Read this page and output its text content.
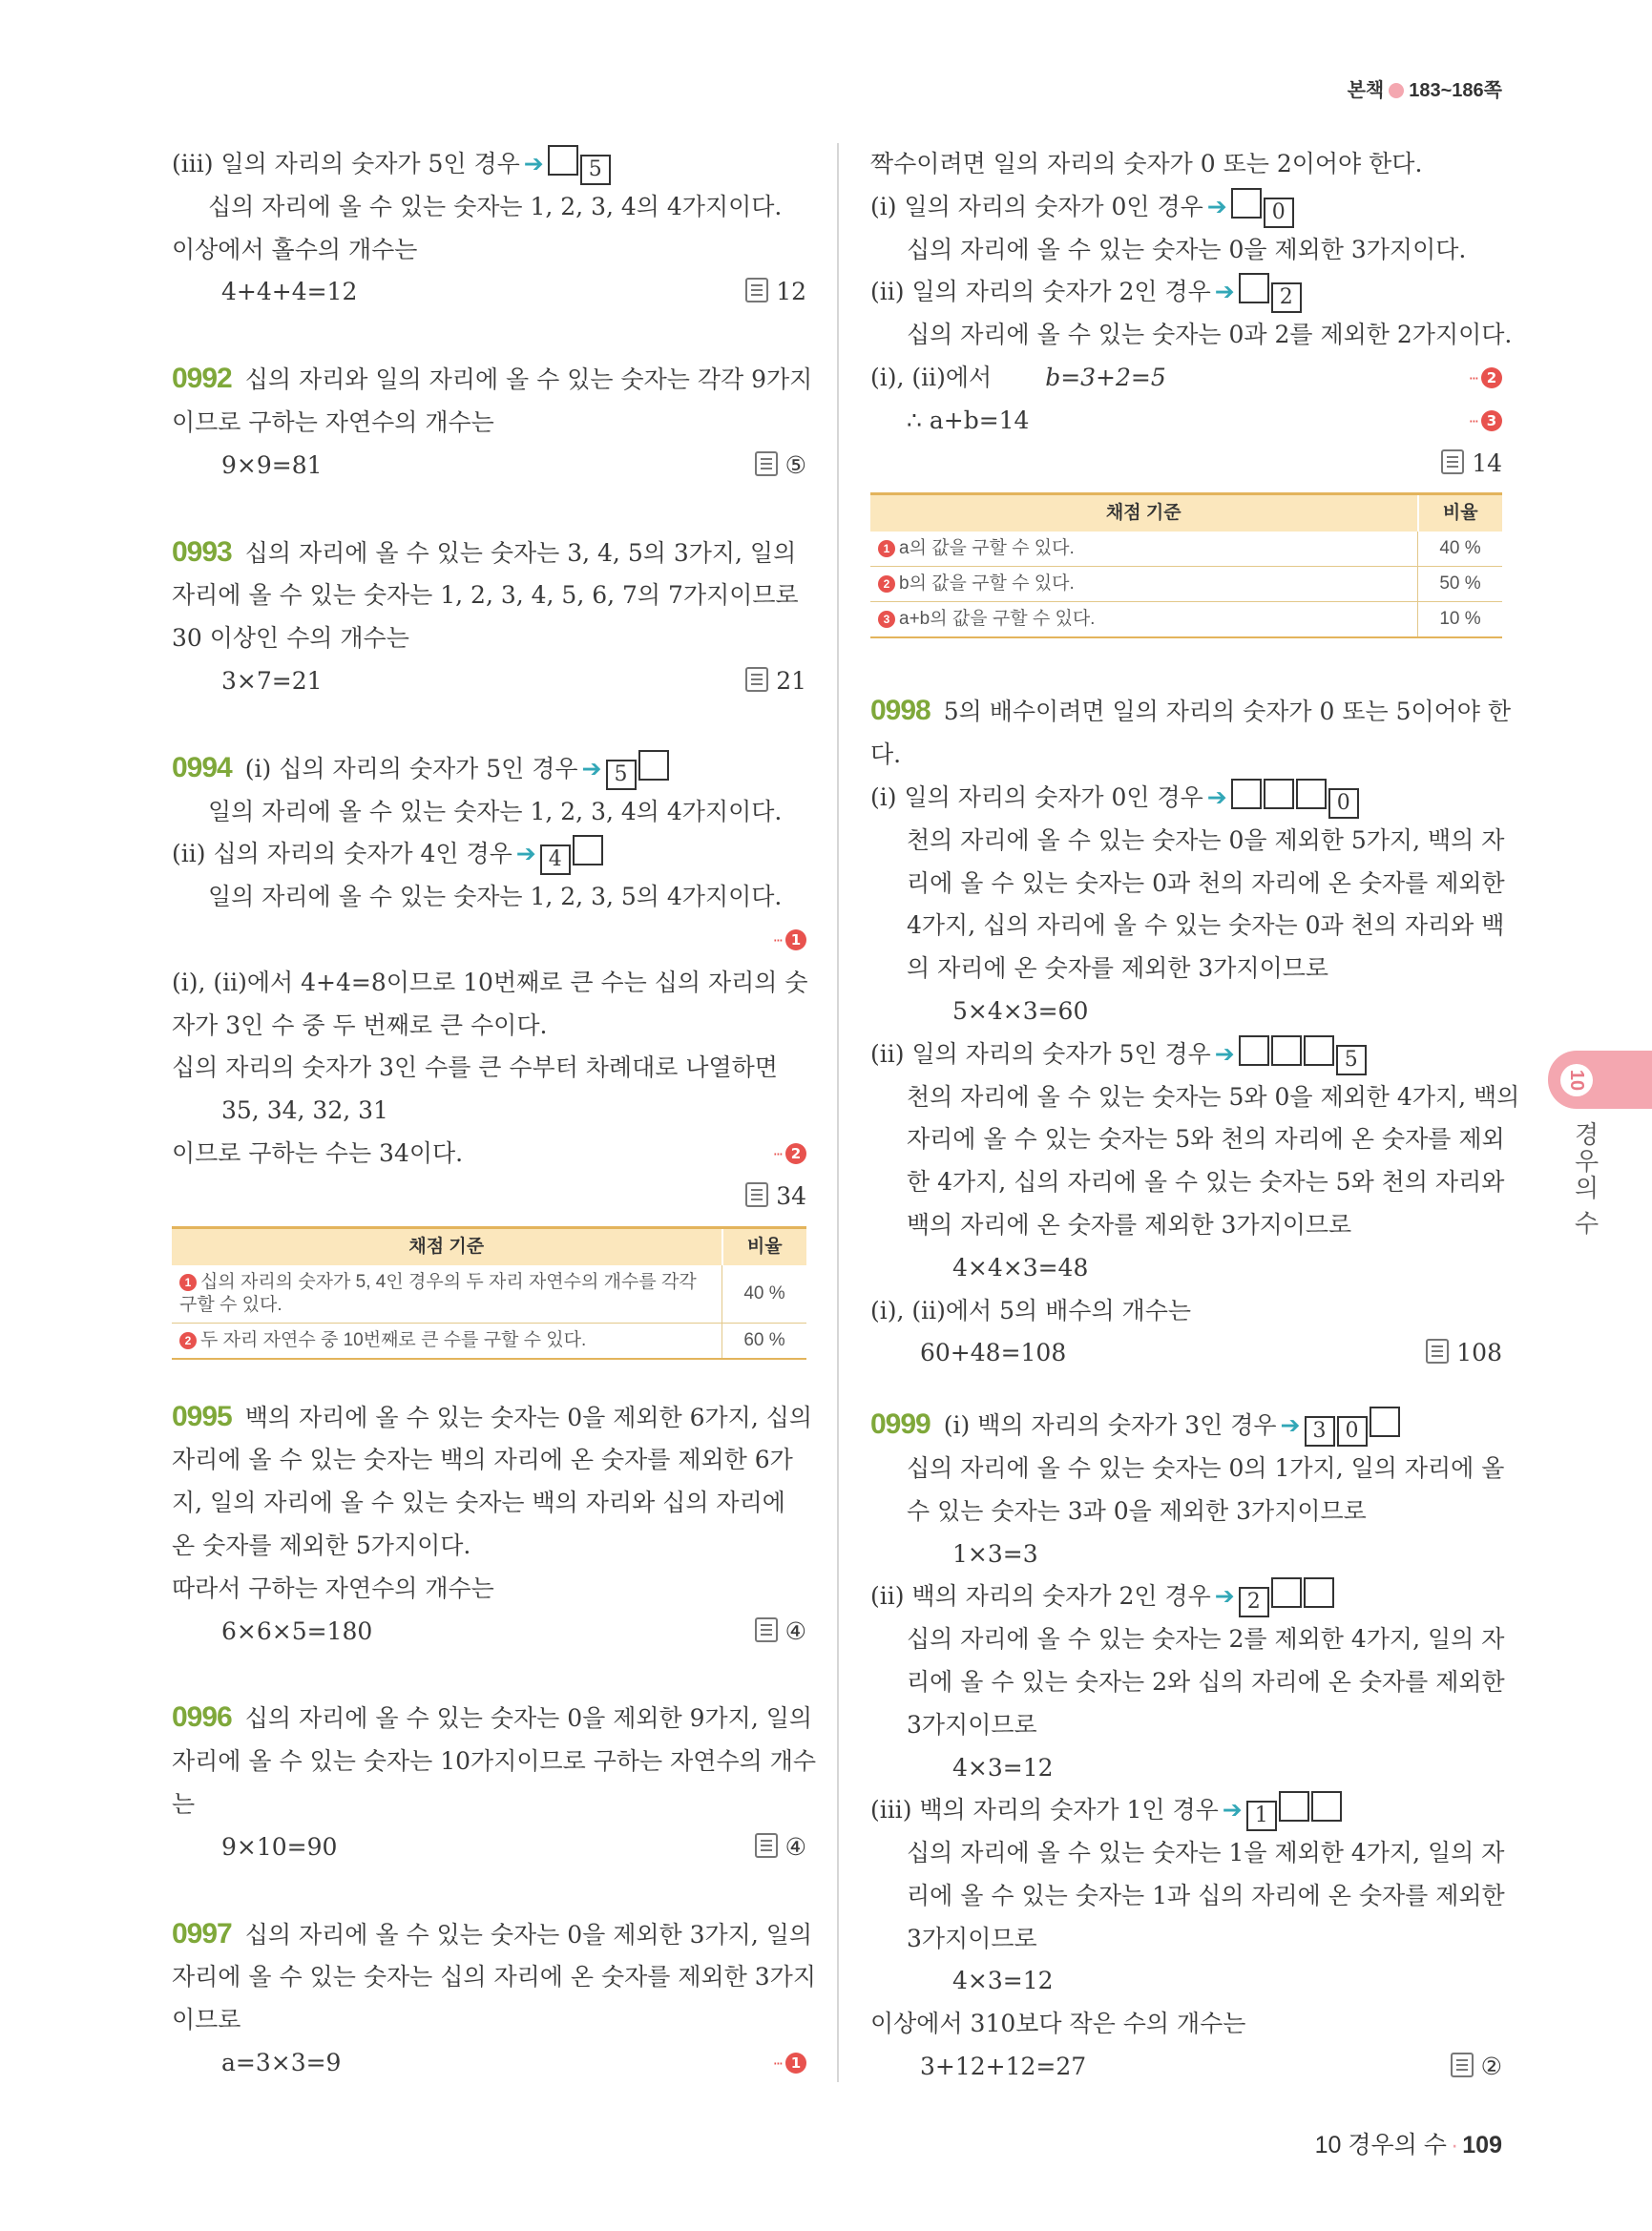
본책 183~186쪽
(ⅲ) 일의 자리의 숫자가 5인 경우 ➔ 5
십의 자리에 올 수 있는 숫자는 1, 2, 3, 4의 4가지이다.
이상에서 홀수의 개수는
4+4+4=12	12
0992 십의 자리와 일의 자리에 올 수 있는 숫자는 각각 9가지
이므로 구하는 자연수의 개수는
9×9=81	⑤
0993 십의 자리에 올 수 있는 숫자는 3, 4, 5의 3가지, 일의
자리에 올 수 있는 숫자는 1, 2, 3, 4, 5, 6, 7의 7가지이므로
30 이상인 수의 개수는
3×7=21	21
0994 (ⅰ) 십의 자리의 숫자가 5인 경우 ➔ 5
일의 자리에 올 수 있는 숫자는 1, 2, 3, 4의 4가지이다.
(ⅱ) 십의 자리의 숫자가 4인 경우 ➔ 4
일의 자리에 올 수 있는 숫자는 1, 2, 3, 5의 4가지이다.
··· 1
(ⅰ), (ⅱ)에서 4+4=8이므로 10번째로 큰 수는 십의 자리의 숫
자가 3인 수 중 두 번째로 큰 수이다.
십의 자리의 숫자가 3인 수를 큰 수부터 차례대로 나열하면
35, 34, 32, 31
이므로 구하는 수는 34이다.	··· 2
34
채점 기준	비율
1 십의 자리의 숫자가 5, 4인 경우의 두 자리 자연수의 개수를 각각 구할 수 있다.	40 %
2 두 자리 자연수 중 10번째로 큰 수를 구할 수 있다.	60 %
0995 백의 자리에 올 수 있는 숫자는 0을 제외한 6가지, 십의
자리에 올 수 있는 숫자는 백의 자리에 온 숫자를 제외한 6가
지, 일의 자리에 올 수 있는 숫자는 백의 자리와 십의 자리에
온 숫자를 제외한 5가지이다.
따라서 구하는 자연수의 개수는
6×6×5=180	④
0996 십의 자리에 올 수 있는 숫자는 0을 제외한 9가지, 일의
자리에 올 수 있는 숫자는 10가지이므로 구하는 자연수의 개수
는
9×10=90	④
0997 십의 자리에 올 수 있는 숫자는 0을 제외한 3가지, 일의
자리에 올 수 있는 숫자는 십의 자리에 온 숫자를 제외한 3가지
이므로
a=3×3=9	··· 1
짝수이려면 일의 자리의 숫자가 0 또는 2이어야 한다.
(ⅰ) 일의 자리의 숫자가 0인 경우 ➔ 0
십의 자리에 올 수 있는 숫자는 0을 제외한 3가지이다.
(ⅱ) 일의 자리의 숫자가 2인 경우 ➔ 2
십의 자리에 올 수 있는 숫자는 0과 2를 제외한 2가지이다.
(ⅰ), (ⅱ)에서 b=3+2=5	··· 2
∴ a+b=14	··· 3
14
채점 기준	비율
1 a의 값을 구할 수 있다.	40 %
2 b의 값을 구할 수 있다.	50 %
3 a+b의 값을 구할 수 있다.	10 %
0998 5의 배수이려면 일의 자리의 숫자가 0 또는 5이어야 한
다.
(ⅰ) 일의 자리의 숫자가 0인 경우 ➔	0
천의 자리에 올 수 있는 숫자는 0을 제외한 5가지, 백의 자
리에 올 수 있는 숫자는 0과 천의 자리에 온 숫자를 제외한
4가지, 십의 자리에 올 수 있는 숫자는 0과 천의 자리와 백
의 자리에 온 숫자를 제외한 3가지이므로
5×4×3=60
(ⅱ) 일의 자리의 숫자가 5인 경우 ➔	5
천의 자리에 올 수 있는 숫자는 5와 0을 제외한 4가지, 백의
자리에 올 수 있는 숫자는 5와 천의 자리에 온 숫자를 제외
한 4가지, 십의 자리에 올 수 있는 숫자는 5와 천의 자리와
백의 자리에 온 숫자를 제외한 3가지이므로
4×4×3=48
(ⅰ), (ⅱ)에서 5의 배수의 개수는
60+48=108	108
0999 (ⅰ) 백의 자리의 숫자가 3인 경우 ➔ 3 0
십의 자리에 올 수 있는 숫자는 0의 1가지, 일의 자리에 올
수 있는 숫자는 3과 0을 제외한 3가지이므로
1×3=3
(ⅱ) 백의 자리의 숫자가 2인 경우 ➔ 2
십의 자리에 올 수 있는 숫자는 2를 제외한 4가지, 일의 자
리에 올 수 있는 숫자는 2와 십의 자리에 온 숫자를 제외한
3가지이므로
4×3=12
(ⅲ) 백의 자리의 숫자가 1인 경우 ➔ 1
십의 자리에 올 수 있는 숫자는 1을 제외한 4가지, 일의 자
리에 올 수 있는 숫자는 1과 십의 자리에 온 숫자를 제외한
3가지이므로
4×3=12
이상에서 310보다 작은 수의 개수는
3+12+12=27	②
10
경우의 수
10 경우의 수 · 109
